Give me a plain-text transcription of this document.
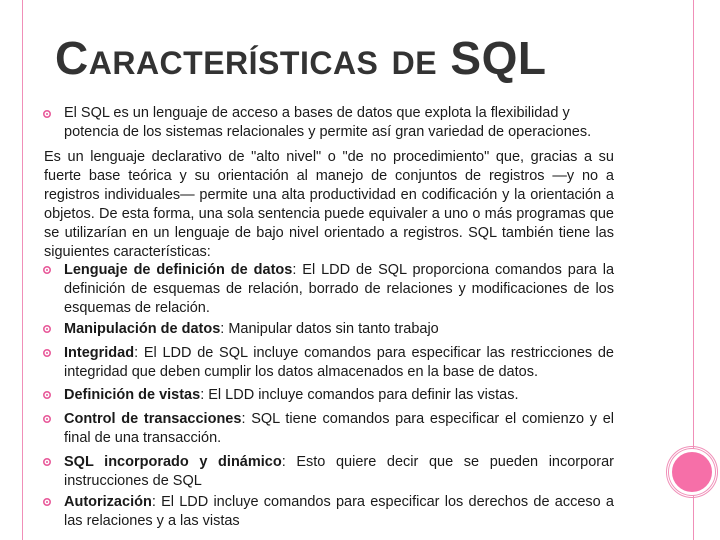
Características de SQL

El SQL es un lenguaje de acceso a bases de datos que explota la flexibilidad y potencia de los sistemas relacionales y permite así gran variedad de operaciones.

Es un lenguaje declarativo de "alto nivel" o "de no procedimiento" que, gracias a su fuerte base teórica y su orientación al manejo de conjuntos de registros —y no a registros individuales— permite una alta productividad en codificación y la orientación a objetos. De esta forma, una sola sentencia puede equivaler a uno o más programas que se utilizarían en un lenguaje de bajo nivel orientado a registros. SQL también tiene las siguientes características:

Lenguaje de definición de datos: El LDD de SQL proporciona comandos para la definición de esquemas de relación, borrado de relaciones y modificaciones de los esquemas de relación.

Manipulación de datos: Manipular datos sin tanto trabajo

Integridad: El LDD de SQL incluye comandos para especificar las restricciones de integridad que deben cumplir los datos almacenados en la base de datos.

Definición de vistas: El LDD incluye comandos para definir las vistas.

Control de transacciones: SQL tiene comandos para especificar el comienzo y el final de una transacción.

SQL incorporado y dinámico: Esto quiere decir que se pueden incorporar instrucciones de SQL

Autorización: El LDD incluye comandos para especificar los derechos de acceso a las relaciones y a las vistas
